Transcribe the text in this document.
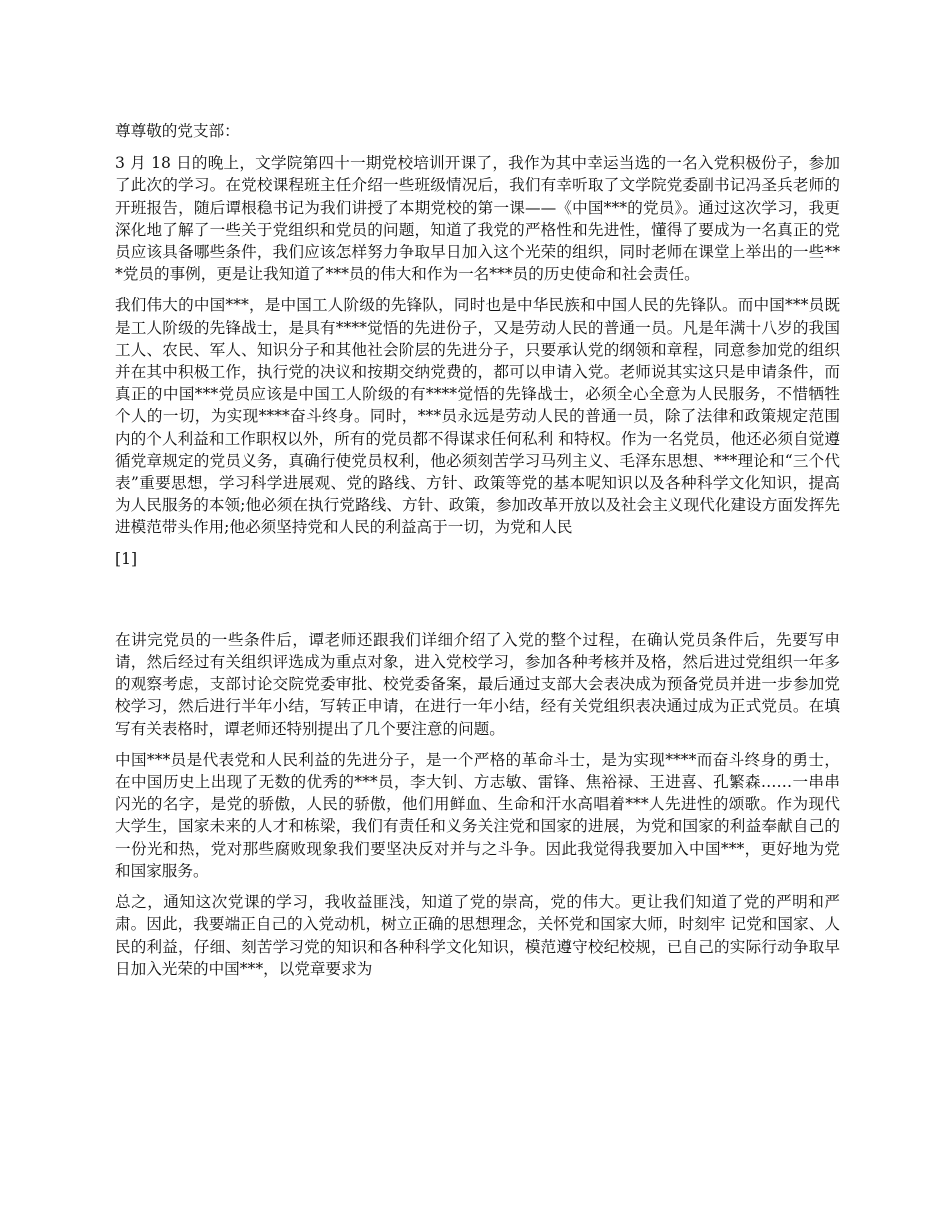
尊尊敬的党支部：

3 月 18 日的晚上，文学院第四十一期党校培训开课了，我作为其中幸运当选的一名入党积极份子，参加了此次的学习。在党校课程班主任介绍一些班级情况后，我们有幸听取了文学院党委副书记冯圣兵老师的开班报告，随后谭根稳书记为我们讲授了本期党校的第一课——《中国***的党员》。通过这次学习，我更深化地了解了一些关于党组织和党员的问题，知道了我党的严格性和先进性，懂得了要成为一名真正的党员应该具备哪些条件，我们应该怎样努力争取早日加入这个光荣的组织，同时老师在课堂上举出的一些***党员的事例，更是让我知道了***员的伟大和作为一名***员的历史使命和社会责任。

我们伟大的中国***，是中国工人阶级的先锋队，同时也是中华民族和中国人民的先锋队。而中国***员既是工人阶级的先锋战士，是具有****觉悟的先进份子，又是劳动人民的普通一员。凡是年满十八岁的我国工人、农民、军人、知识分子和其他社会阶层的先进分子，只要承认党的纲领和章程，同意参加党的组织并在其中积极工作，执行党的决议和按期交纳党费的，都可以申请入党。老师说其实这只是申请条件，而真正的中国***党员应该是中国工人阶级的有****觉悟的先锋战士，必须全心全意为人民服务，不惜牺牲个人的一切，为实现****奋斗终身。同时，***员永远是劳动人民的普通一员，除了法律和政策规定范围内的个人利益和工作职权以外，所有的党员都不得谋求任何私利 和特权。作为一名党员，他还必须自觉遵循党章规定的党员义务，真确行使党员权利，他必须刻苦学习马列主义、毛泽东思想、***理论和“三个代表”重要思想，学习科学进展观、党的路线、方针、政策等党的基本呢知识以及各种科学文化知识，提高为人民服务的本领;他必须在执行党路线、方针、政策，参加改革开放以及社会主义现代化建设方面发挥先进模范带头作用;他必须坚持党和人民的利益高于一切，为党和人民

[1]

在讲完党员的一些条件后，谭老师还跟我们详细介绍了入党的整个过程，在确认党员条件后，先要写申请，然后经过有关组织评选成为重点对象，进入党校学习，参加各种考核并及格，然后进过党组织一年多的观察考虑，支部讨论交院党委审批、校党委备案，最后通过支部大会表决成为预备党员并进一步参加党校学习，然后进行半年小结，写转正申请，在进行一年小结，经有关党组织表决通过成为正式党员。在填写有关表格时，谭老师还特别提出了几个要注意的问题。

中国***员是代表党和人民利益的先进分子，是一个严格的革命斗士，是为实现****而奋斗终身的勇士，在中国历史上出现了无数的优秀的***员，李大钊、方志敏、雷锋、焦裕禄、王进喜、孔繁森……一串串闪光的名字，是党的骄傲，人民的骄傲，他们用鲜血、生命和汗水高唱着***人先进性的颂歌。作为现代大学生，国家未来的人才和栋梁，我们有责任和义务关注党和国家的进展，为党和国家的利益奉献自己的一份光和热，党对那些腐败现象我们要坚决反对并与之斗争。因此我觉得我要加入中国***，更好地为党和国家服务。

总之，通知这次党课的学习，我收益匪浅，知道了党的崇高，党的伟大。更让我们知道了党的严明和严肃。因此，我要端正自己的入党动机，树立正确的思想理念，关怀党和国家大师，时刻牢 记党和国家、人民的利益，仔细、刻苦学习党的知识和各种科学文化知识，模范遵守校纪校规，已自己的实际行动争取早日加入光荣的中国***，以党章要求为
